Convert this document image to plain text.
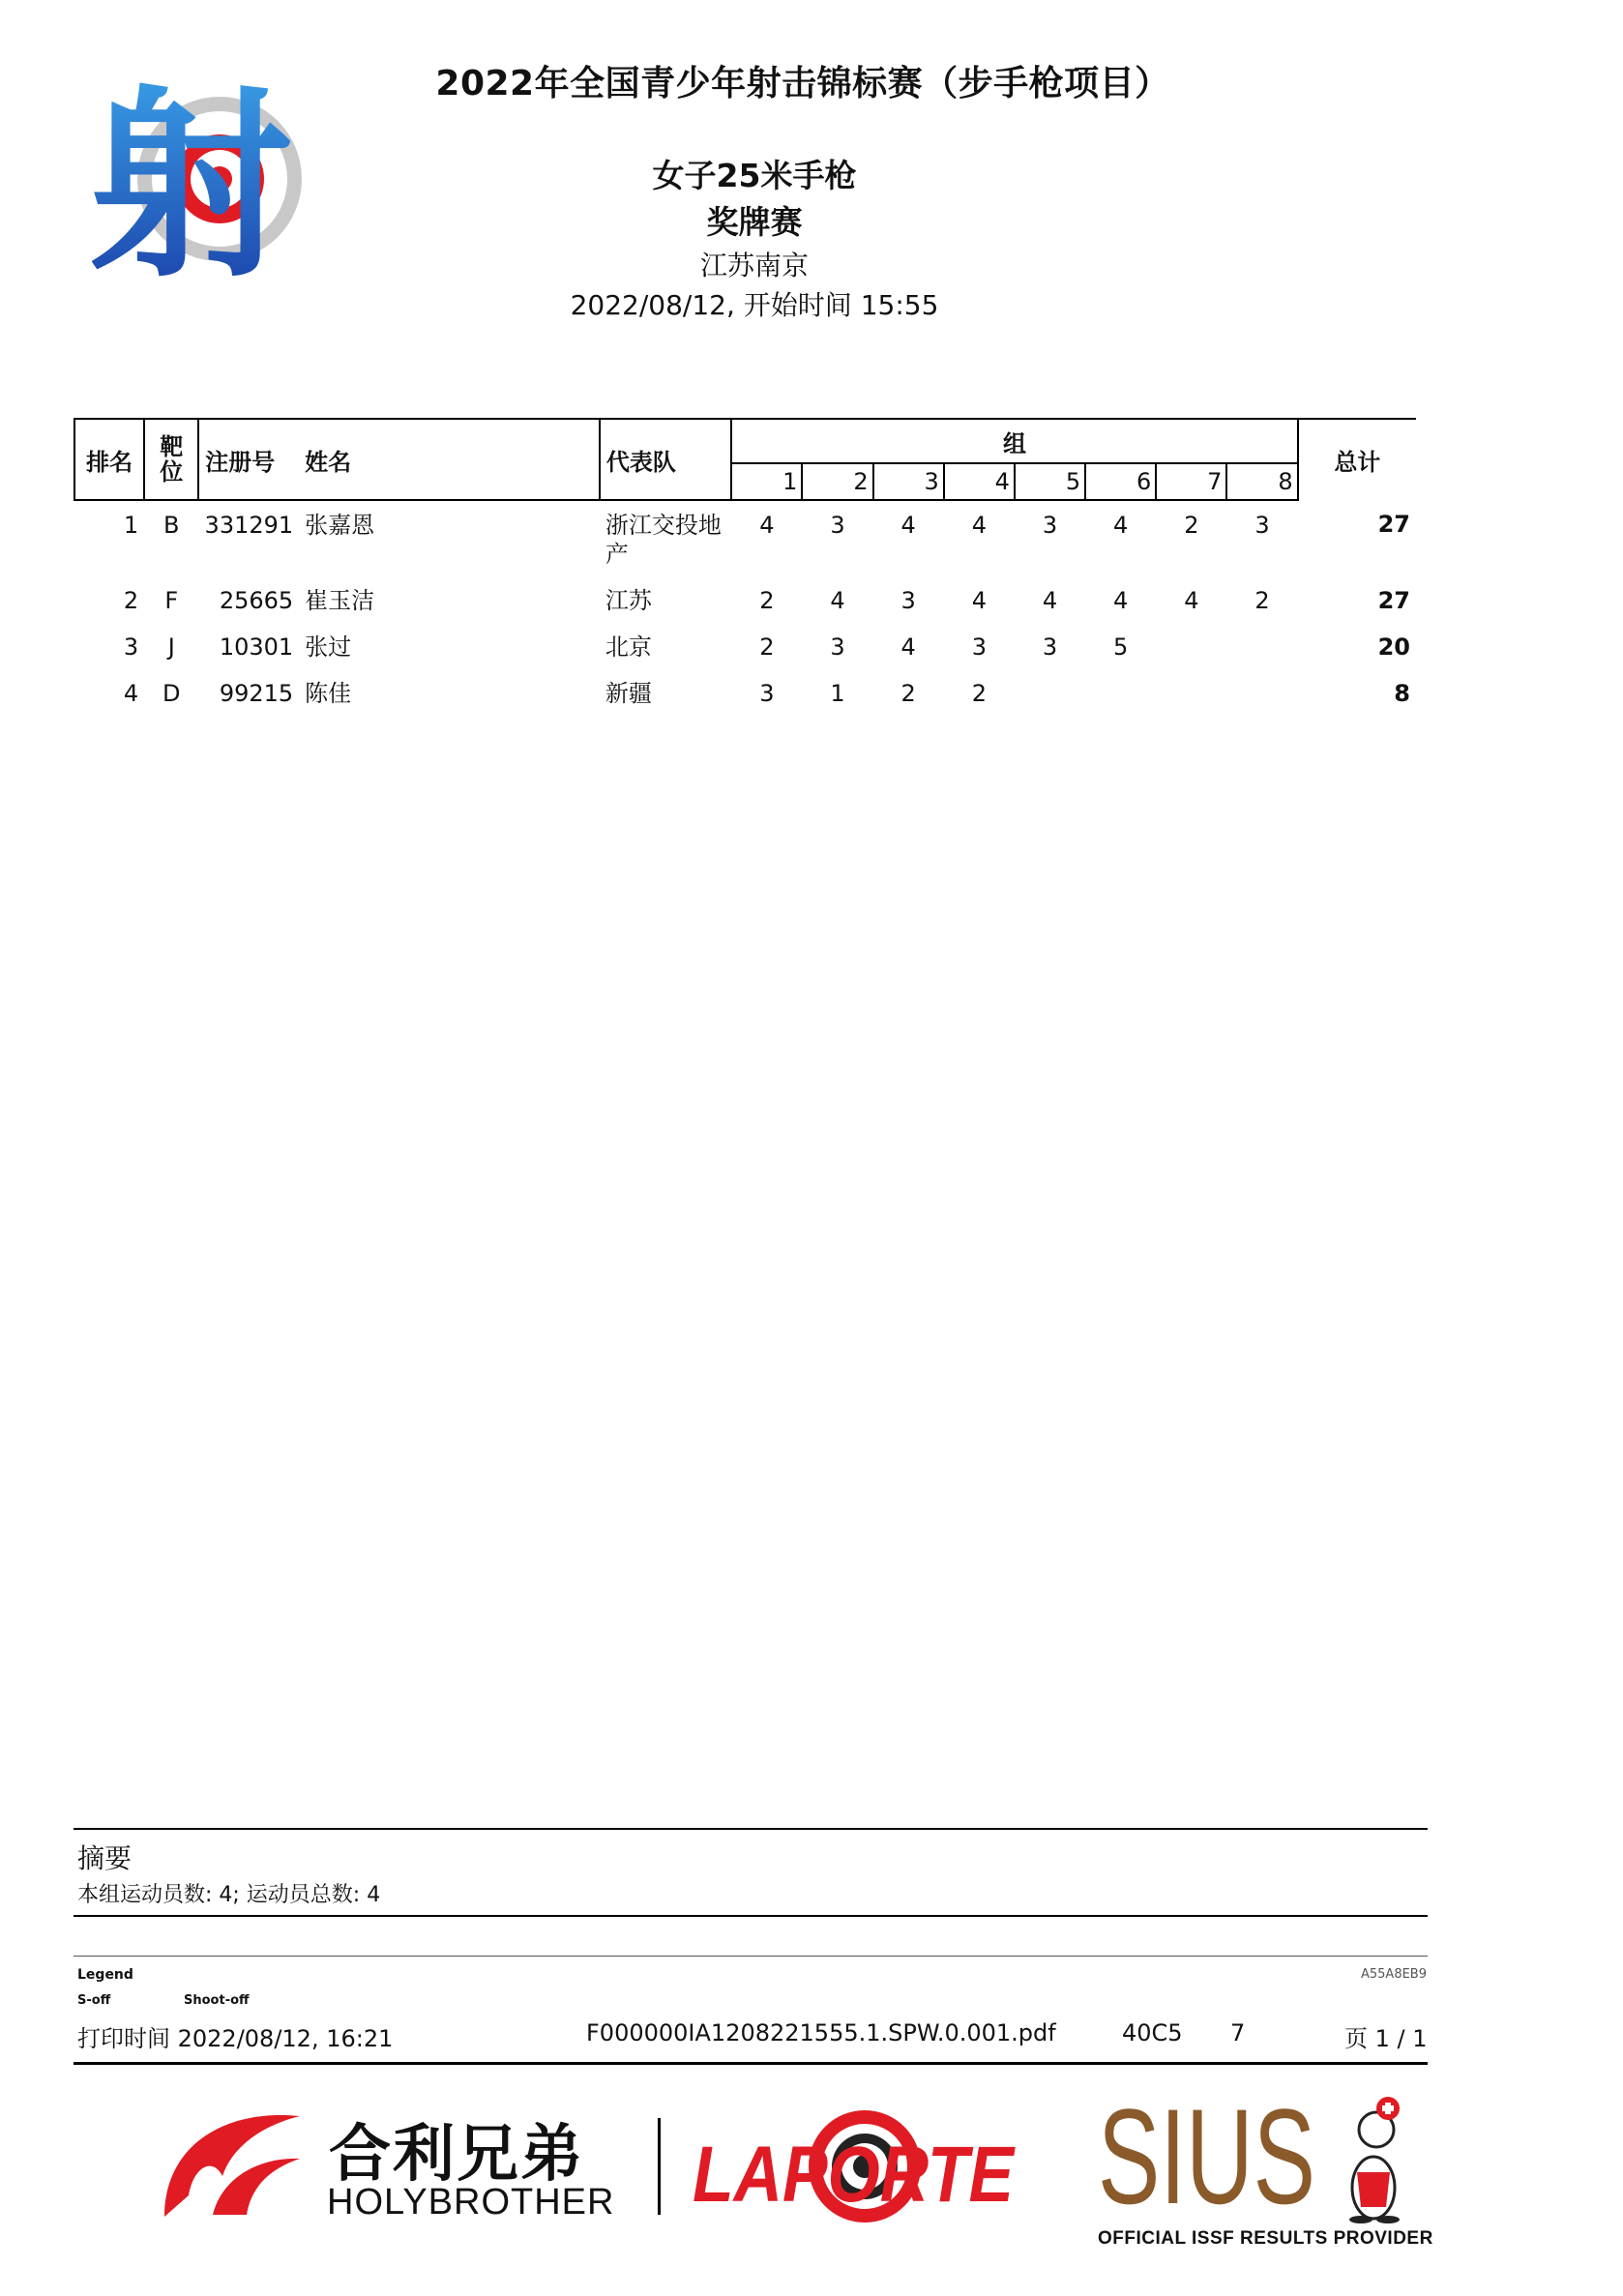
射	2022年全国青少年射击锦标赛（步手枪项目）
女子25米手枪
奖牌赛
江苏南京
2022/08/12, 开始时间 15:55
排名	靶位	注册号	姓名	代表队	组								总计
					1	2	3	4	5	6	7	8	
1	B	331291	张嘉恩	浙江交投地产	4	3	4	4	3	4	2	3	27
2	F	25665	崔玉洁	江苏	2	4	3	4	4	4	4	2	27
3	J	10301	张过	北京	2	3	4	3	3	5			20
4	D	99215	陈佳	新疆	3	1	2	2					8
摘要
本组运动员数: 4; 运动员总数: 4
Legend
S-off	Shoot-off
A55A8EB9
打印时间 2022/08/12, 16:21	F000000IA1208221555.1.SPW.0.001.pdf	40C5 7	页 1 / 1
合利兄弟
HOLYBROTHER LAPORTE SIUS
OFFICIAL ISSF RESULTS PROVIDER
